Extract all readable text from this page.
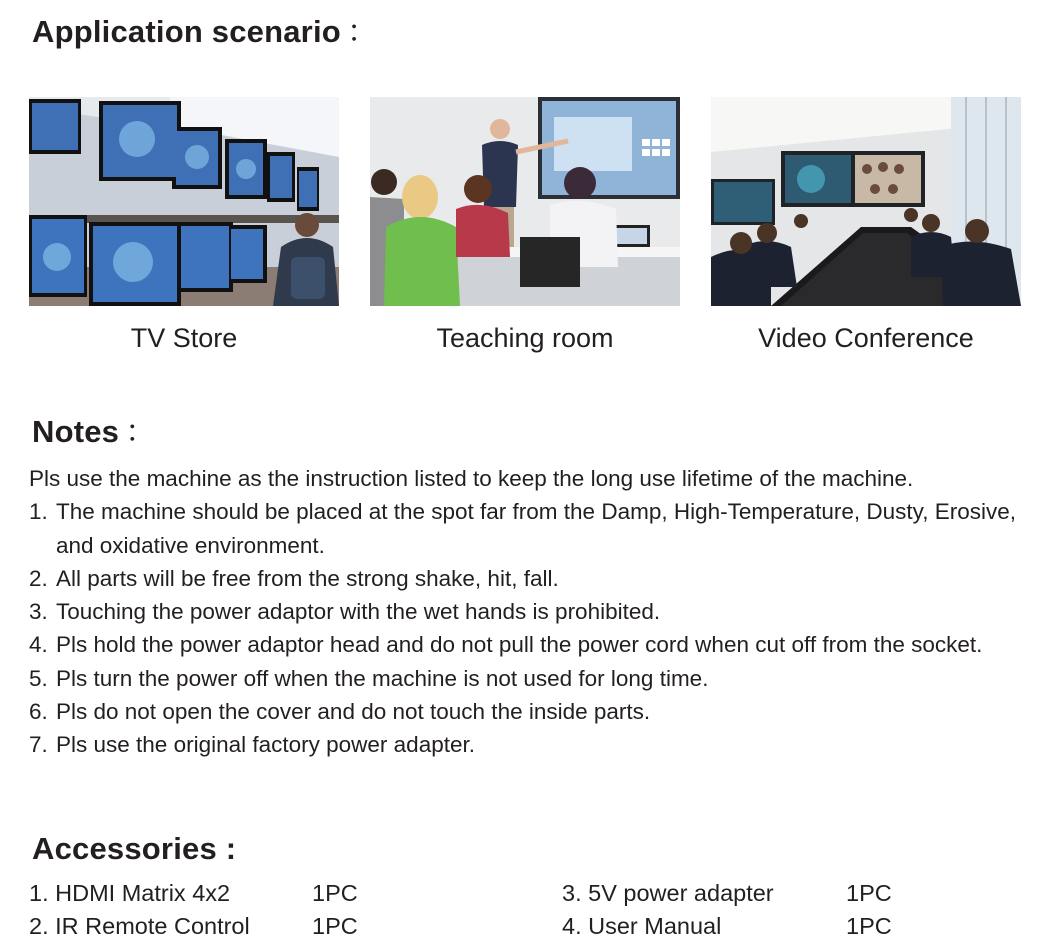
Application scenario ：
TV Store	Teaching room	Video Conference
Notes ：
Pls use the machine as the instruction listed to keep the long use lifetime of the machine.
1. The machine should be placed at the spot far from the Damp, High-Temperature, Dusty, Erosive, and oxidative environment.
2. All parts will be free from the strong shake, hit, fall.
3. Touching the power adaptor with the wet hands is prohibited.
4. Pls hold the power adaptor head and do not pull the power cord when cut off from the socket.
5. Pls turn the power off when the machine is not used for long time.
6. Pls do not open the cover and do not touch the inside parts.
7. Pls use the original factory power adapter.
Accessories :
1. HDMI Matrix 4x2	1PC
2. IR Remote Control	1PC
3. 5V power adapter	1PC
4. User Manual	1PC
